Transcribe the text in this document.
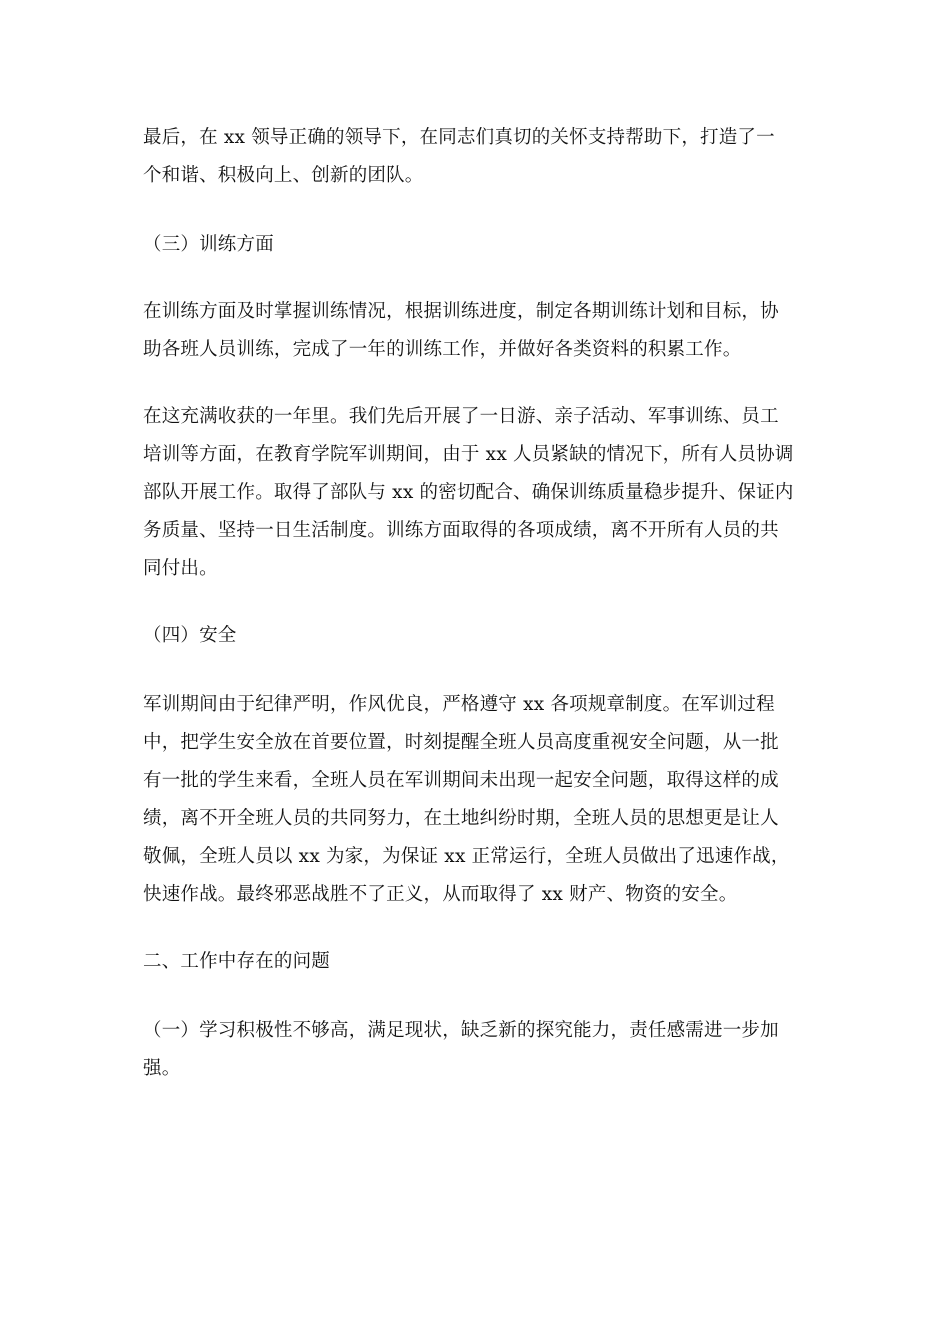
最后，在 xx 领导正确的领导下，在同志们真切的关怀支持帮助下，打造了一
个和谐、积极向上、创新的团队。
（三）训练方面
在训练方面及时掌握训练情况，根据训练进度，制定各期训练计划和目标，协
助各班人员训练，完成了一年的训练工作，并做好各类资料的积累工作。
在这充满收获的一年里。我们先后开展了一日游、亲子活动、军事训练、员工
培训等方面，在教育学院军训期间，由于 xx 人员紧缺的情况下，所有人员协调
部队开展工作。取得了部队与 xx 的密切配合、确保训练质量稳步提升、保证内
务质量、坚持一日生活制度。训练方面取得的各项成绩，离不开所有人员的共
同付出。
（四）安全
军训期间由于纪律严明，作风优良，严格遵守 xx 各项规章制度。在军训过程
中，把学生安全放在首要位置，时刻提醒全班人员高度重视安全问题，从一批
有一批的学生来看，全班人员在军训期间未出现一起安全问题，取得这样的成
绩，离不开全班人员的共同努力，在土地纠纷时期，全班人员的思想更是让人
敬佩，全班人员以 xx 为家，为保证 xx 正常运行，全班人员做出了迅速作战，
快速作战。最终邪恶战胜不了正义，从而取得了 xx 财产、物资的安全。
二、工作中存在的问题
（一）学习积极性不够高，满足现状，缺乏新的探究能力，责任感需进一步加
强。
